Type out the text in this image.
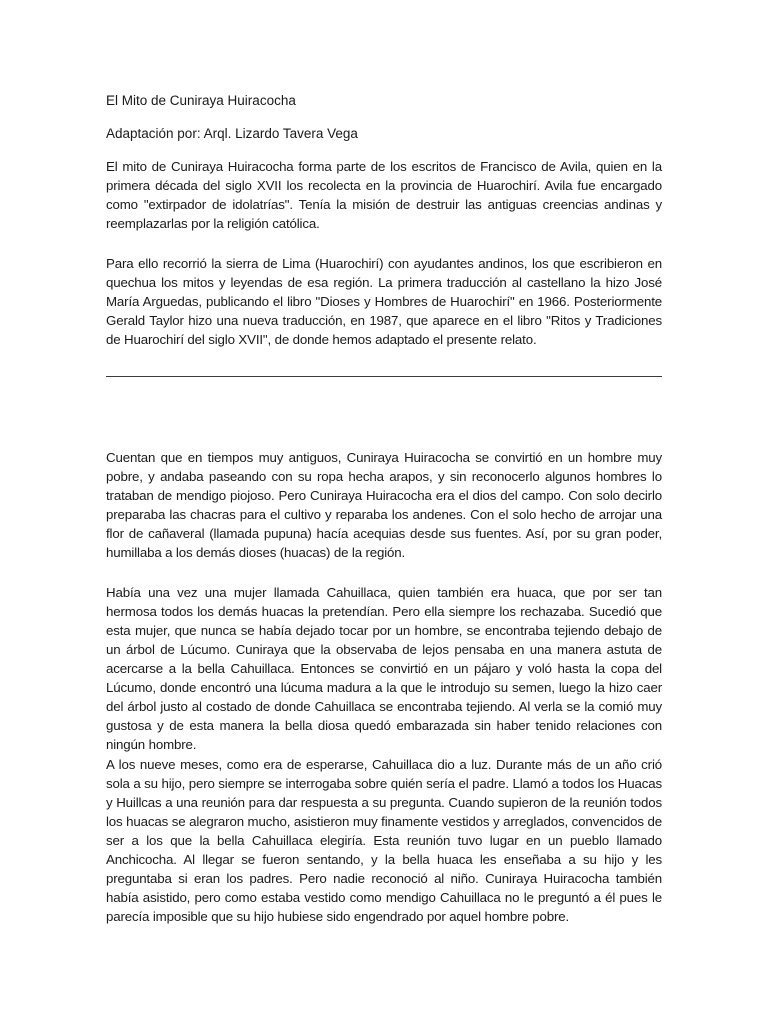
El Mito de Cuniraya Huiracocha

Adaptación por: Arql. Lizardo Tavera Vega

El mito de Cuniraya Huiracocha forma parte de los escritos de Francisco de Avila, quien en la primera década del siglo XVII los recolecta en la provincia de Huarochirí. Avila fue encargado como "extirpador de idolatrías". Tenía la misión de destruir las antiguas creencias andinas y reemplazarlas por la religión católica.

Para ello recorrió la sierra de Lima (Huarochirí) con ayudantes andinos, los que escribieron en quechua los mitos y leyendas de esa región. La primera traducción al castellano la hizo José María Arguedas, publicando el libro "Dioses y Hombres de Huarochirí" en 1966. Posteriormente Gerald Taylor hizo una nueva traducción, en 1987, que aparece en el libro "Ritos y Tradiciones de Huarochirí del siglo XVII", de donde hemos adaptado el presente relato.

Cuentan que en tiempos muy antiguos, Cuniraya Huiracocha se convirtió en un hombre muy pobre, y andaba paseando con su ropa hecha arapos, y sin reconocerlo algunos hombres lo trataban de mendigo piojoso. Pero Cuniraya Huiracocha era el dios del campo. Con solo decirlo preparaba las chacras para el cultivo y reparaba los andenes. Con el solo hecho de arrojar una flor de cañaveral (llamada pupuna) hacía acequias desde sus fuentes. Así, por su gran poder, humillaba a los demás dioses (huacas) de la región.

Había una vez una mujer llamada Cahuillaca, quien también era huaca, que por ser tan hermosa todos los demás huacas la pretendían. Pero ella siempre los rechazaba. Sucedió que esta mujer, que nunca se había dejado tocar por un hombre, se encontraba tejiendo debajo de un árbol de Lúcumo. Cuniraya que la observaba de lejos pensaba en una manera astuta de acercarse a la bella Cahuillaca. Entonces se convirtió en un pájaro y voló hasta la copa del Lúcumo, donde encontró una lúcuma madura a la que le introdujo su semen, luego la hizo caer del árbol justo al costado de donde Cahuillaca se encontraba tejiendo. Al verla se la comió muy gustosa y de esta manera la bella diosa quedó embarazada sin haber tenido relaciones con ningún hombre.

A los nueve meses, como era de esperarse, Cahuillaca dio a luz. Durante más de un año crió sola a su hijo, pero siempre se interrogaba sobre quién sería el padre. Llamó a todos los Huacas y Huillcas a una reunión para dar respuesta a su pregunta. Cuando supieron de la reunión todos los huacas se alegraron mucho, asistieron muy finamente vestidos y arreglados, convencidos de ser a los que la bella Cahuillaca elegiría. Esta reunión tuvo lugar en un pueblo llamado Anchicocha. Al llegar se fueron sentando, y la bella huaca les enseñaba a su hijo y les preguntaba si eran los padres. Pero nadie reconoció al niño. Cuniraya Huiracocha también había asistido, pero como estaba vestido como mendigo Cahuillaca no le preguntó a él pues le parecía imposible que su hijo hubiese sido engendrado por aquel hombre pobre.
